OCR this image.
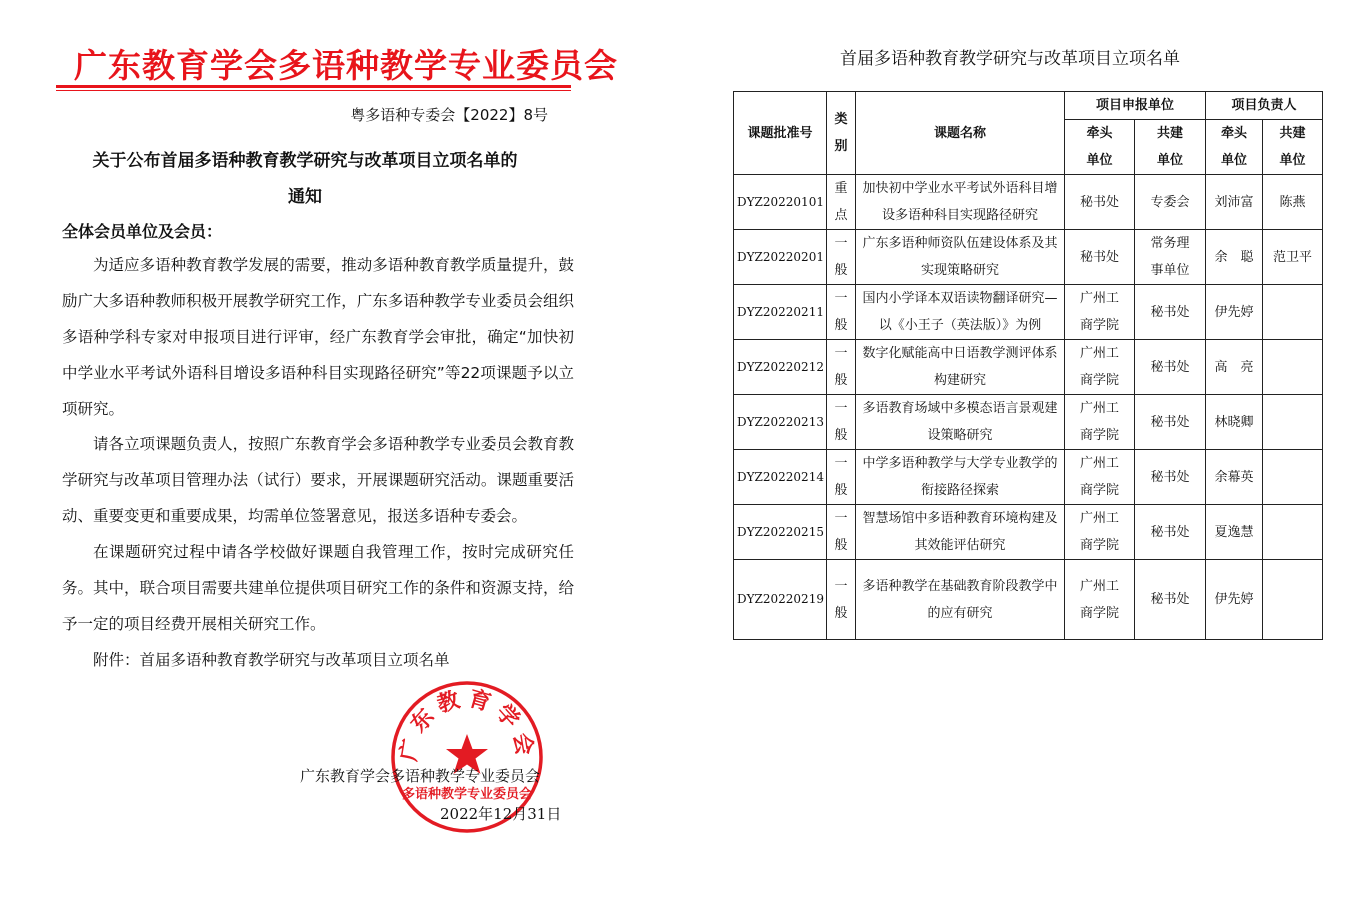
广东教育学会多语种教学专业委员会
粤多语种专委会【2022】8号
关于公布首届多语种教育教学研究与改革项目立项名单的
通知
全体会员单位及会员：

为适应多语种教育教学发展的需要，推动多语种教育教学质量提升，鼓励广大多语种教师积极开展教学研究工作，广东多语种教学专业委员会组织多语种学科专家对申报项目进行评审，经广东教育学会审批，确定“加快初中学业水平考试外语科目增设多语种科目实现路径研究”等22项课题予以立项研究。

请各立项课题负责人，按照广东教育学会多语种教学专业委员会教育教学研究与改革项目管理办法（试行）要求，开展课题研究活动。课题重要活动、重要变更和重要成果，均需单位签署意见，报送多语种专委会。

在课题研究过程中请各学校做好课题自我管理工作，按时完成研究任务。其中，联合项目需要共建单位提供项目研究工作的条件和资源支持，给予一定的项目经费开展相关研究工作。

附件：首届多语种教育教学研究与改革项目立项名单

广东教育学会
多语种教学专业委员会
广东教育学会多语种教学专业委员会
2022年12月31日
首届多语种教育教学研究与改革项目立项名单
课题批准号	类别	课题名称	项目申报单位		项目负责人	

			牵头单位	共建单位	牵头单位	共建单位

DYZ20220101	重点	加快初中学业水平考试外语科目增设多语种科目实现路径研究	秘书处	专委会	刘沛富	陈燕

DYZ20220201	一般	广东多语种师资队伍建设体系及其实现策略研究	秘书处	常务理事单位	余　聪	范卫平

DYZ20220211	一般	国内小学译本双语读物翻译研究—以《小王子（英法版）》为例	广州工商学院	秘书处	伊先婷	

DYZ20220212	一般	数字化赋能高中日语教学测评体系构建研究	广州工商学院	秘书处	高　亮	

DYZ20220213	一般	多语教育场域中多模态语言景观建设策略研究	广州工商学院	秘书处	林晓卿	

DYZ20220214	一般	中学多语种教学与大学专业教学的衔接路径探索	广州工商学院	秘书处	余幕英	

DYZ20220215	一般	智慧场馆中多语种教育环境构建及其效能评估研究	广州工商学院	秘书处	夏逸慧	

DYZ20220219	一般	多语种教学在基础教育阶段教学中的应有研究	广州工商学院	秘书处	伊先婷	
